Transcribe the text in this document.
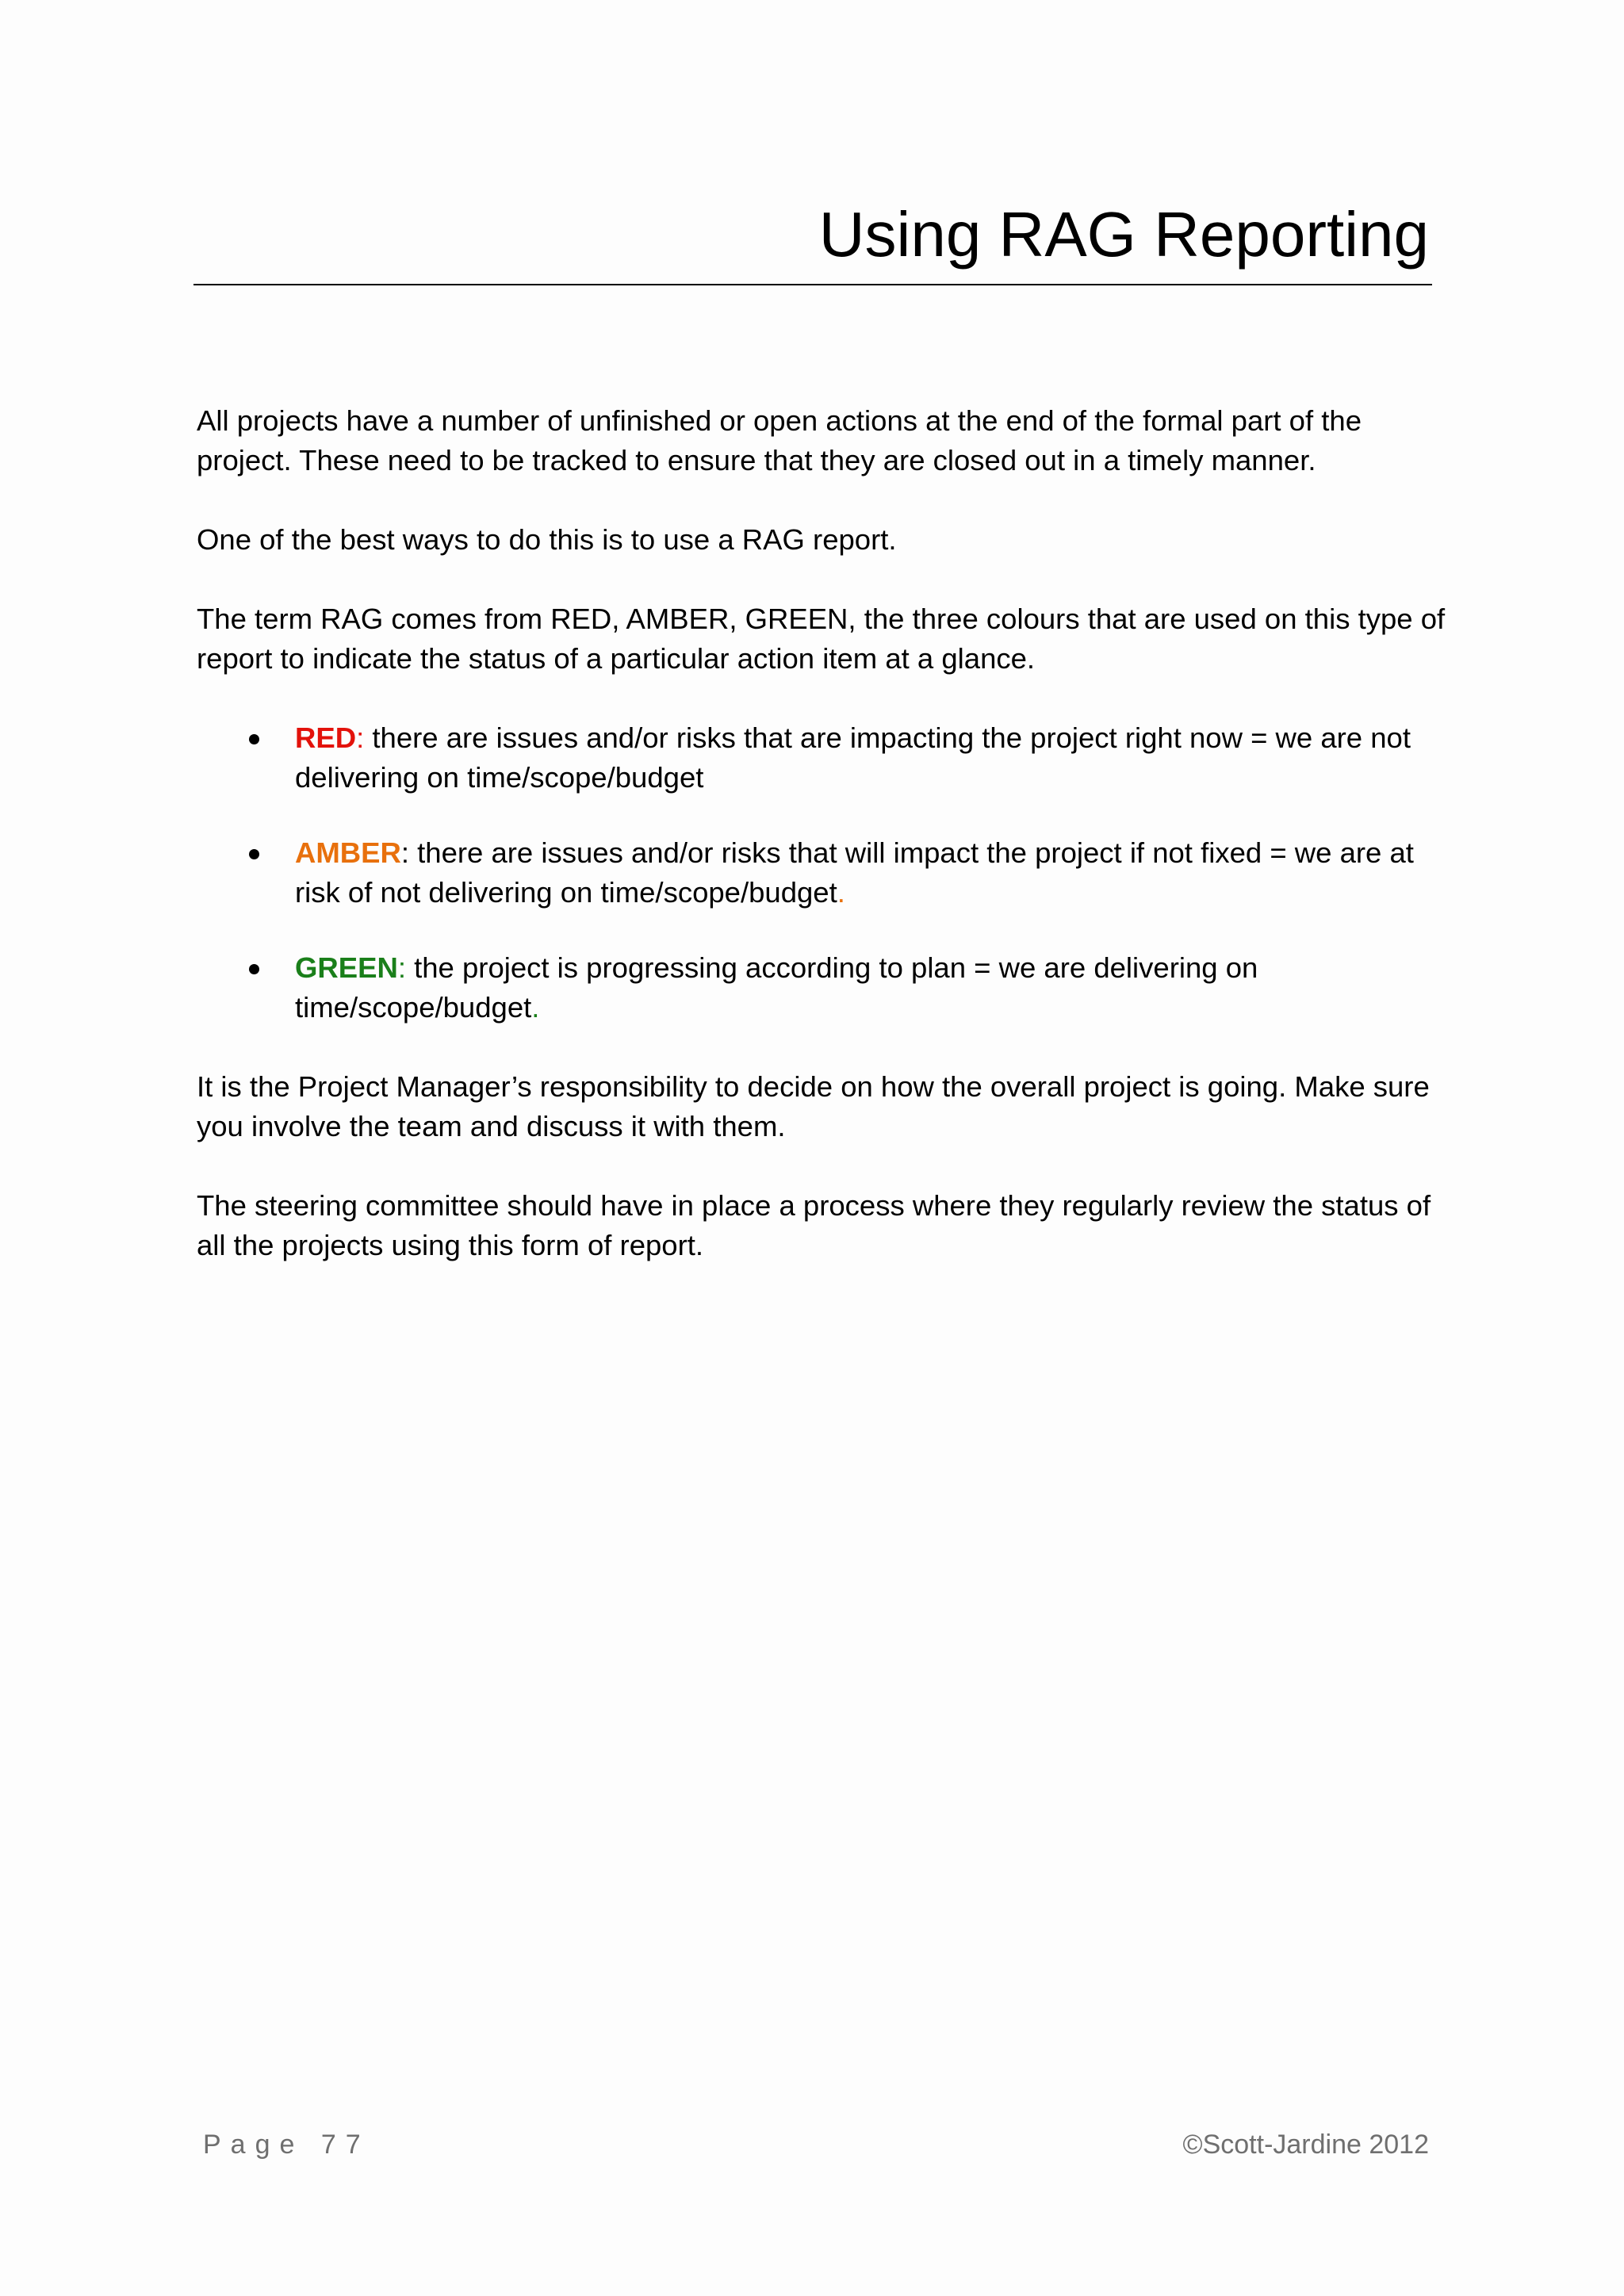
Using RAG Reporting

All projects have a number of unfinished or open actions at the end of the formal part of the project. These need to be tracked to ensure that they are closed out in a timely manner.

One of the best ways to do this is to use a RAG report.

The term RAG comes from RED, AMBER, GREEN, the three colours that are used on this type of report to indicate the status of a particular action item at a glance.

RED: there are issues and/or risks that are impacting the project right now = we are not delivering on time/scope/budget
AMBER: there are issues and/or risks that will impact the project if not fixed = we are at risk of not delivering on time/scope/budget.
GREEN: the project is progressing according to plan = we are delivering on time/scope/budget.

It is the Project Manager’s responsibility to decide on how the overall project is going. Make sure you involve the team and discuss it with them.

The steering committee should have in place a process where they regularly review the status of all the projects using this form of report.

Page 77	©Scott-Jardine 2012
